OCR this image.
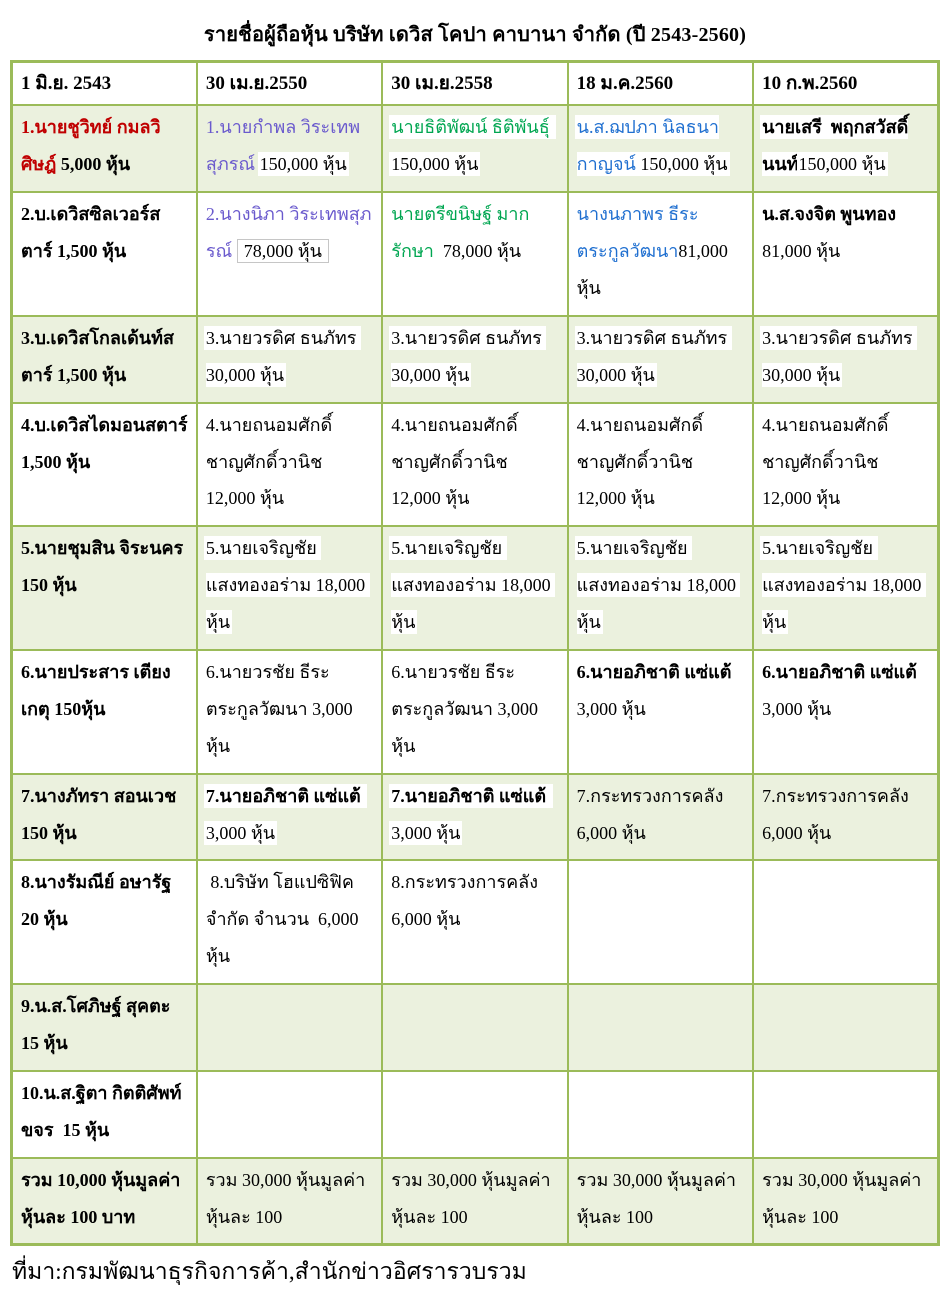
รายชื่อผู้ถือหุ้น บริษัท เดวิส โคปา คาบานา จำกัด (ปี 2543-2560)
1 มิ.ย. 2543	30 เม.ย.2550	30 เม.ย.2558	18 ม.ค.2560	10 ก.พ.2560
1.นายชูวิทย์ กมลวิศิษฎ์ 5,000 หุ้น	1.นายกำพล วิระเทพสุภรณ์ 150,000 หุ้น	นายธิติพัฒน์ ธิติพันธุ์ 150,000 หุ้น	น.ส.ฌปภา นิลธนากาญจน์ 150,000 หุ้น	นายเสรี  พฤกสวัสดิ์นนท์150,000 หุ้น
2.บ.เดวิสซิลเวอร์สตาร์ 1,500 หุ้น	2.นางนิภา วิระเทพสุภรณ์ 78,000 หุ้น	นายตรีขนิษฐ์ มากรักษา  78,000 หุ้น	นางนภาพร ธีระตระกูลวัฒนา81,000 หุ้น	น.ส.จงจิต พูนทอง 81,000 หุ้น
3.บ.เดวิสโกลเด้นท์สตาร์ 1,500 หุ้น	3.นายวรดิศ ธนภัทร 30,000 หุ้น	3.นายวรดิศ ธนภัทร 30,000 หุ้น	3.นายวรดิศ ธนภัทร 30,000 หุ้น	3.นายวรดิศ ธนภัทร 30,000 หุ้น
4.บ.เดวิสไดมอนสตาร์ 1,500 หุ้น	4.นายถนอมศักดิ์ ชาญศักดิ์วานิช 12,000 หุ้น	4.นายถนอมศักดิ์ ชาญศักดิ์วานิช 12,000 หุ้น	4.นายถนอมศักดิ์ ชาญศักดิ์วานิช 12,000 หุ้น	4.นายถนอมศักดิ์ ชาญศักดิ์วานิช 12,000 หุ้น
5.นายชุมสิน จิระนคร 150 หุ้น	5.นายเจริญชัย แสงทองอร่าม 18,000 หุ้น	5.นายเจริญชัย แสงทองอร่าม 18,000 หุ้น	5.นายเจริญชัย แสงทองอร่าม 18,000 หุ้น	5.นายเจริญชัย แสงทองอร่าม 18,000 หุ้น
6.นายประสาร เตียงเกตุ 150หุ้น	6.นายวรชัย ธีระตระกูลวัฒนา 3,000 หุ้น	6.นายวรชัย ธีระตระกูลวัฒนา 3,000 หุ้น	6.นายอภิชาติ แซ่แต้ 3,000 หุ้น	6.นายอภิชาติ แซ่แต้ 3,000 หุ้น
7.นางภัทรา สอนเวช 150 หุ้น	7.นายอภิชาติ แซ่แต้ 3,000 หุ้น	7.นายอภิชาติ แซ่แต้ 3,000 หุ้น	7.กระทรวงการคลัง 6,000 หุ้น	7.กระทรวงการคลัง 6,000 หุ้น
8.นางรัมณีย์ อษารัฐ 20 หุ้น	8.บริษัท โฮแปซิฟิค จำกัด จำนวน  6,000 หุ้น	8.กระทรวงการคลัง 6,000 หุ้น		
9.น.ส.โศภิษฐ์ สุคตะ 15 หุ้น				
10.น.ส.ฐิตา กิตติศัพท์ขจร  15 หุ้น				
รวม 10,000 หุ้นมูลค่า หุ้นละ 100 บาท	รวม 30,000 หุ้นมูลค่า หุ้นละ 100	รวม 30,000 หุ้นมูลค่า หุ้นละ 100	รวม 30,000 หุ้นมูลค่า หุ้นละ 100	รวม 30,000 หุ้นมูลค่า หุ้นละ 100
ที่มา:กรมพัฒนาธุรกิจการค้า,สำนักข่าวอิศรารวบรวม
